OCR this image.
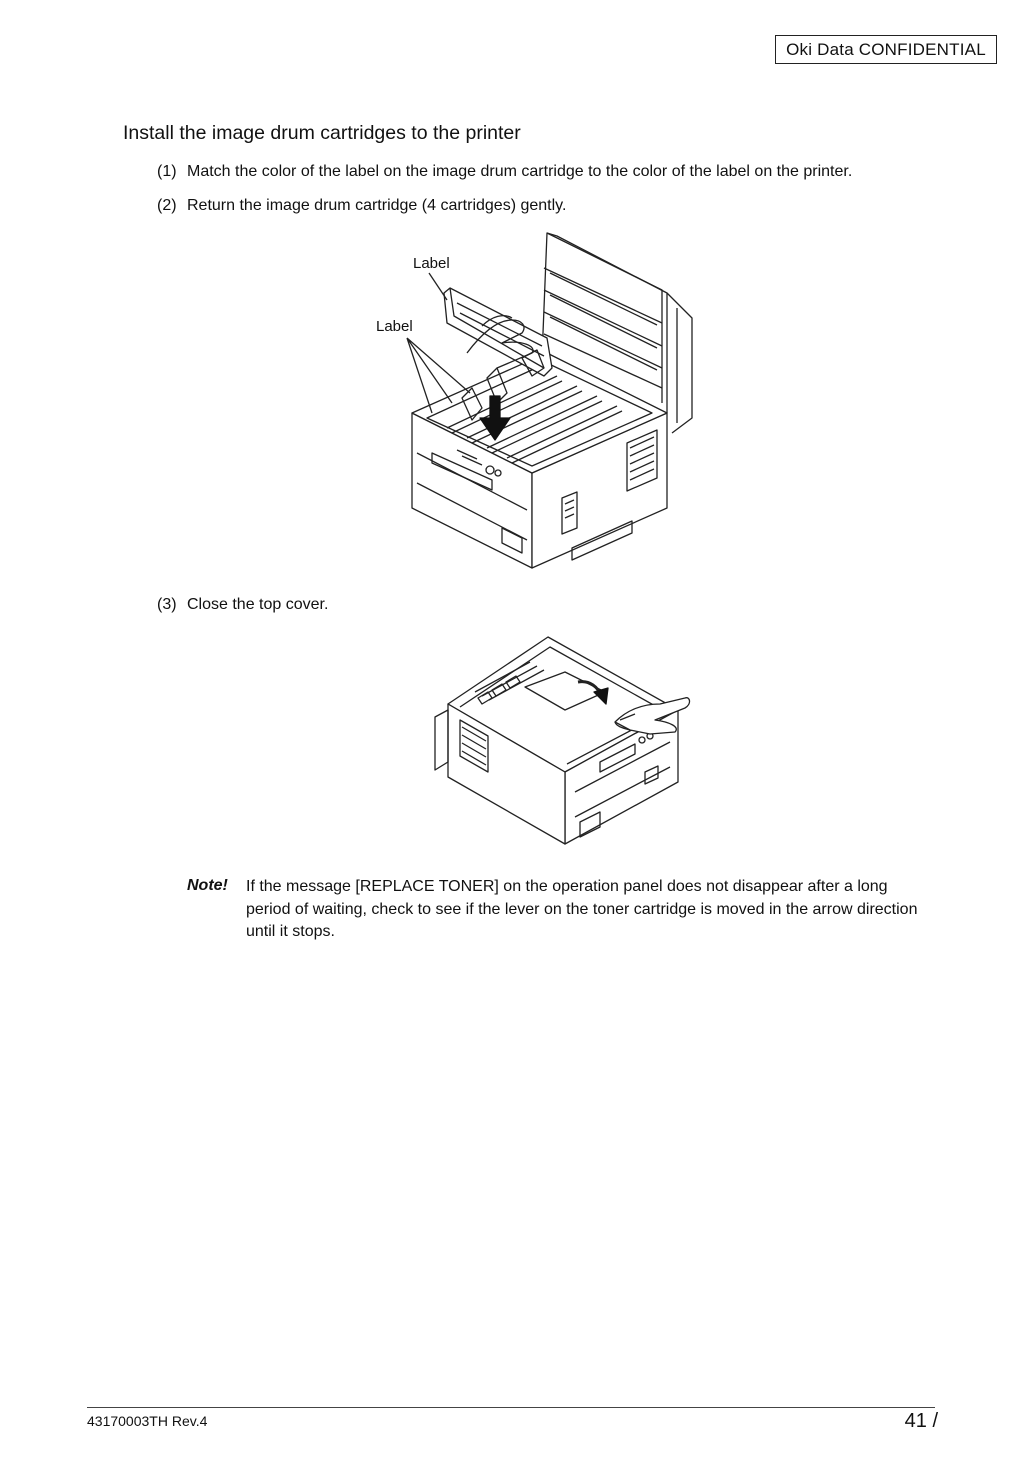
Oki Data CONFIDENTIAL
Install the image drum cartridges to the printer
(1) Match the color of the label on the image drum cartridge to the color of the label on the printer.
(2) Return the image drum cartridge (4 cartridges) gently.
Label
Label
(3) Close the top cover.
Note! If the message [REPLACE TONER] on the operation panel does not disappear after a long period of waiting, check to see if the lever on the toner cartridge is moved in the arrow direction until it stops.
43170003TH Rev.4	41 /
